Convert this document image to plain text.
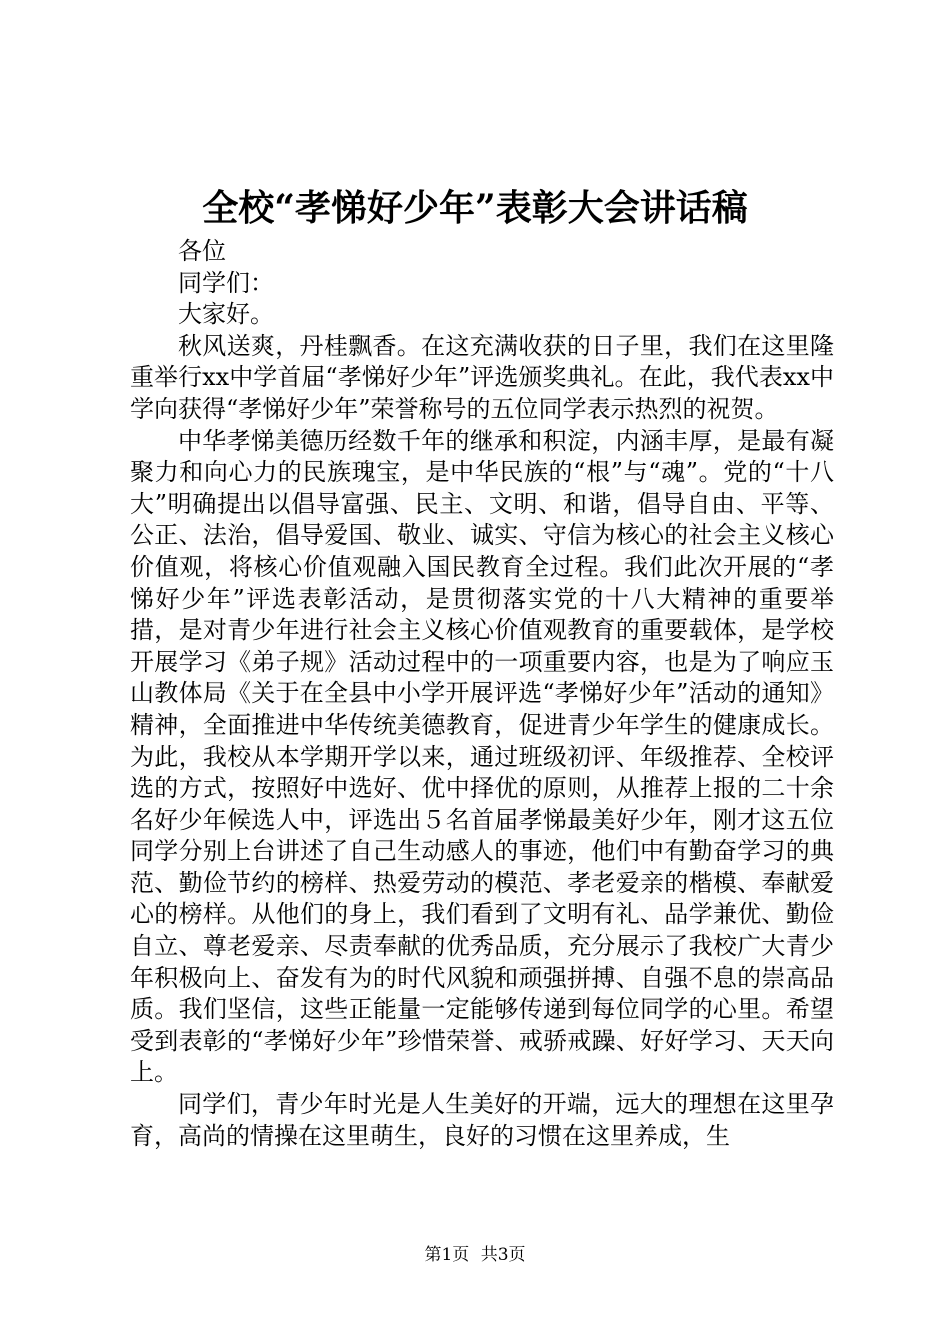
全校“孝悌好少年”表彰大会讲话稿

各位

同学们：

大家好。

秋风送爽，丹桂飘香。在这充满收获的日子里，我们在这里隆重举行xx中学首届“孝悌好少年”评选颁奖典礼。在此，我代表xx中学向获得“孝悌好少年”荣誉称号的五位同学表示热烈的祝贺。

中华孝悌美德历经数千年的继承和积淀，内涵丰厚，是最有凝聚力和向心力的民族瑰宝，是中华民族的“根”与“魂”。党的“十八大”明确提出以倡导富强、民主、文明、和谐，倡导自由、平等、公正、法治，倡导爱国、敬业、诚实、守信为核心的社会主义核心价值观，将核心价值观融入国民教育全过程。我们此次开展的“孝悌好少年”评选表彰活动，是贯彻落实党的十八大精神的重要举措，是对青少年进行社会主义核心价值观教育的重要载体，是学校开展学习《弟子规》活动过程中的一项重要内容，也是为了响应玉山教体局《关于在全县中小学开展评选“孝悌好少年”活动的通知》精神，全面推进中华传统美德教育，促进青少年学生的健康成长。为此，我校从本学期开学以来，通过班级初评、年级推荐、全校评选的方式，按照好中选好、优中择优的原则，从推荐上报的二十余名好少年候选人中，评选出５名首届孝悌最美好少年，刚才这五位同学分别上台讲述了自己生动感人的事迹，他们中有勤奋学习的典范、勤俭节约的榜样、热爱劳动的模范、孝老爱亲的楷模、奉献爱心的榜样。从他们的身上，我们看到了文明有礼、品学兼优、勤俭自立、尊老爱亲、尽责奉献的优秀品质，充分展示了我校广大青少年积极向上、奋发有为的时代风貌和顽强拼搏、自强不息的崇高品质。我们坚信，这些正能量一定能够传递到每位同学的心里。希望受到表彰的“孝悌好少年”珍惜荣誉、戒骄戒躁、好好学习、天天向上。

同学们，青少年时光是人生美好的开端，远大的理想在这里孕育，高尚的情操在这里萌生，良好的习惯在这里养成，生

第1页 共3页
